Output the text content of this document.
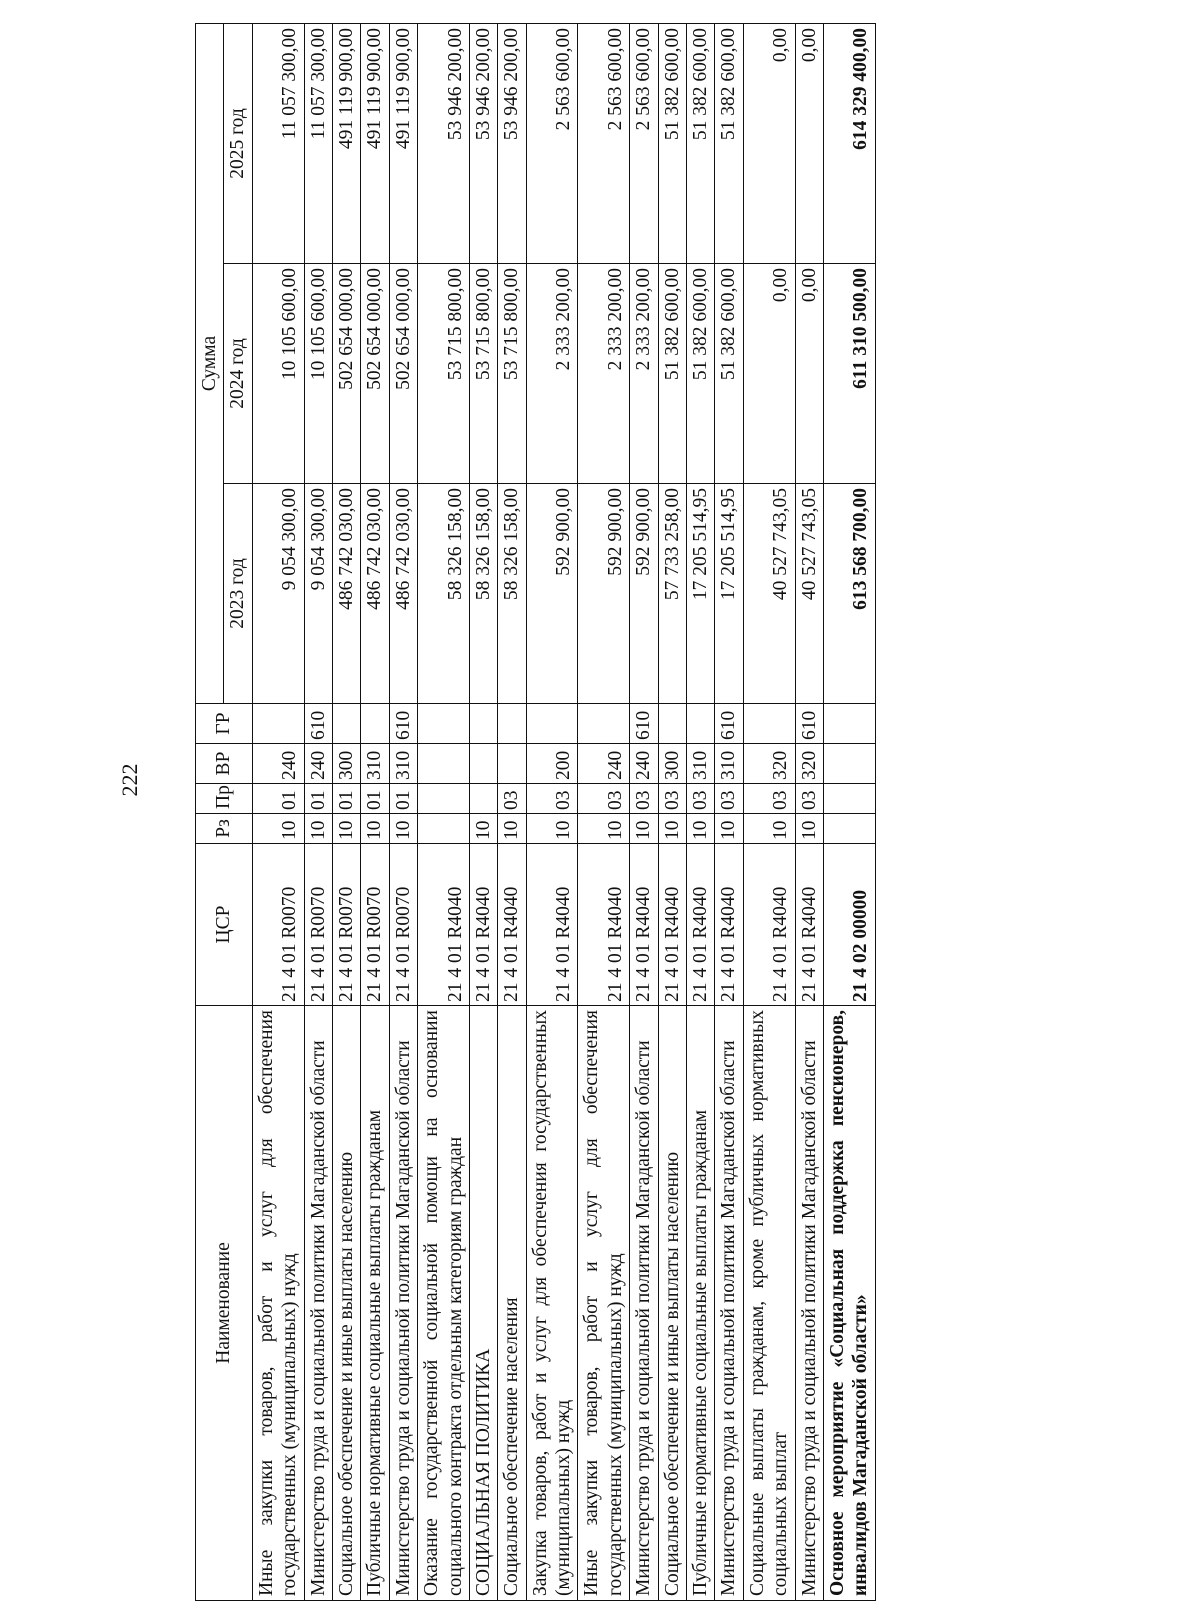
222
Наименование	ЦСР	Рз	Пр	ВР	ГР	Сумма		
						2023 год	2024 год	2025 год
Иные закупки товаров, работ и услуг для обеспечения государственных (муниципальных) нужд	21 4 01 R0070	10	01	240		9 054 300,00	10 105 600,00	11 057 300,00
Министерство труда и социальной политики Магаданской области	21 4 01 R0070	10	01	240	610	9 054 300,00	10 105 600,00	11 057 300,00
Социальное обеспечение и иные выплаты населению	21 4 01 R0070	10	01	300		486 742 030,00	502 654 000,00	491 119 900,00
Публичные нормативные социальные выплаты гражданам	21 4 01 R0070	10	01	310		486 742 030,00	502 654 000,00	491 119 900,00
Министерство труда и социальной политики Магаданской области	21 4 01 R0070	10	01	310	610	486 742 030,00	502 654 000,00	491 119 900,00
Оказание государственной социальной помощи на основании социального контракта отдельным категориям граждан	21 4 01 R4040					58 326 158,00	53 715 800,00	53 946 200,00
СОЦИАЛЬНАЯ ПОЛИТИКА	21 4 01 R4040	10				58 326 158,00	53 715 800,00	53 946 200,00
Социальное обеспечение населения	21 4 01 R4040	10	03			58 326 158,00	53 715 800,00	53 946 200,00
Закупка товаров, работ и услуг для обеспечения государственных (муниципальных) нужд	21 4 01 R4040	10	03	200		592 900,00	2 333 200,00	2 563 600,00
Иные закупки товаров, работ и услуг для обеспечения государственных (муниципальных) нужд	21 4 01 R4040	10	03	240		592 900,00	2 333 200,00	2 563 600,00
Министерство труда и социальной политики Магаданской области	21 4 01 R4040	10	03	240	610	592 900,00	2 333 200,00	2 563 600,00
Социальное обеспечение и иные выплаты населению	21 4 01 R4040	10	03	300		57 733 258,00	51 382 600,00	51 382 600,00
Публичные нормативные социальные выплаты гражданам	21 4 01 R4040	10	03	310		17 205 514,95	51 382 600,00	51 382 600,00
Министерство труда и социальной политики Магаданской области	21 4 01 R4040	10	03	310	610	17 205 514,95	51 382 600,00	51 382 600,00
Социальные выплаты гражданам, кроме публичных нормативных социальных выплат	21 4 01 R4040	10	03	320		40 527 743,05	0,00	0,00
Министерство труда и социальной политики Магаданской области	21 4 01 R4040	10	03	320	610	40 527 743,05	0,00	0,00
Основное мероприятие «Социальная поддержка пенсионеров, инвалидов Магаданской области»	21 4 02 00000					613 568 700,00	611 310 500,00	614 329 400,00
